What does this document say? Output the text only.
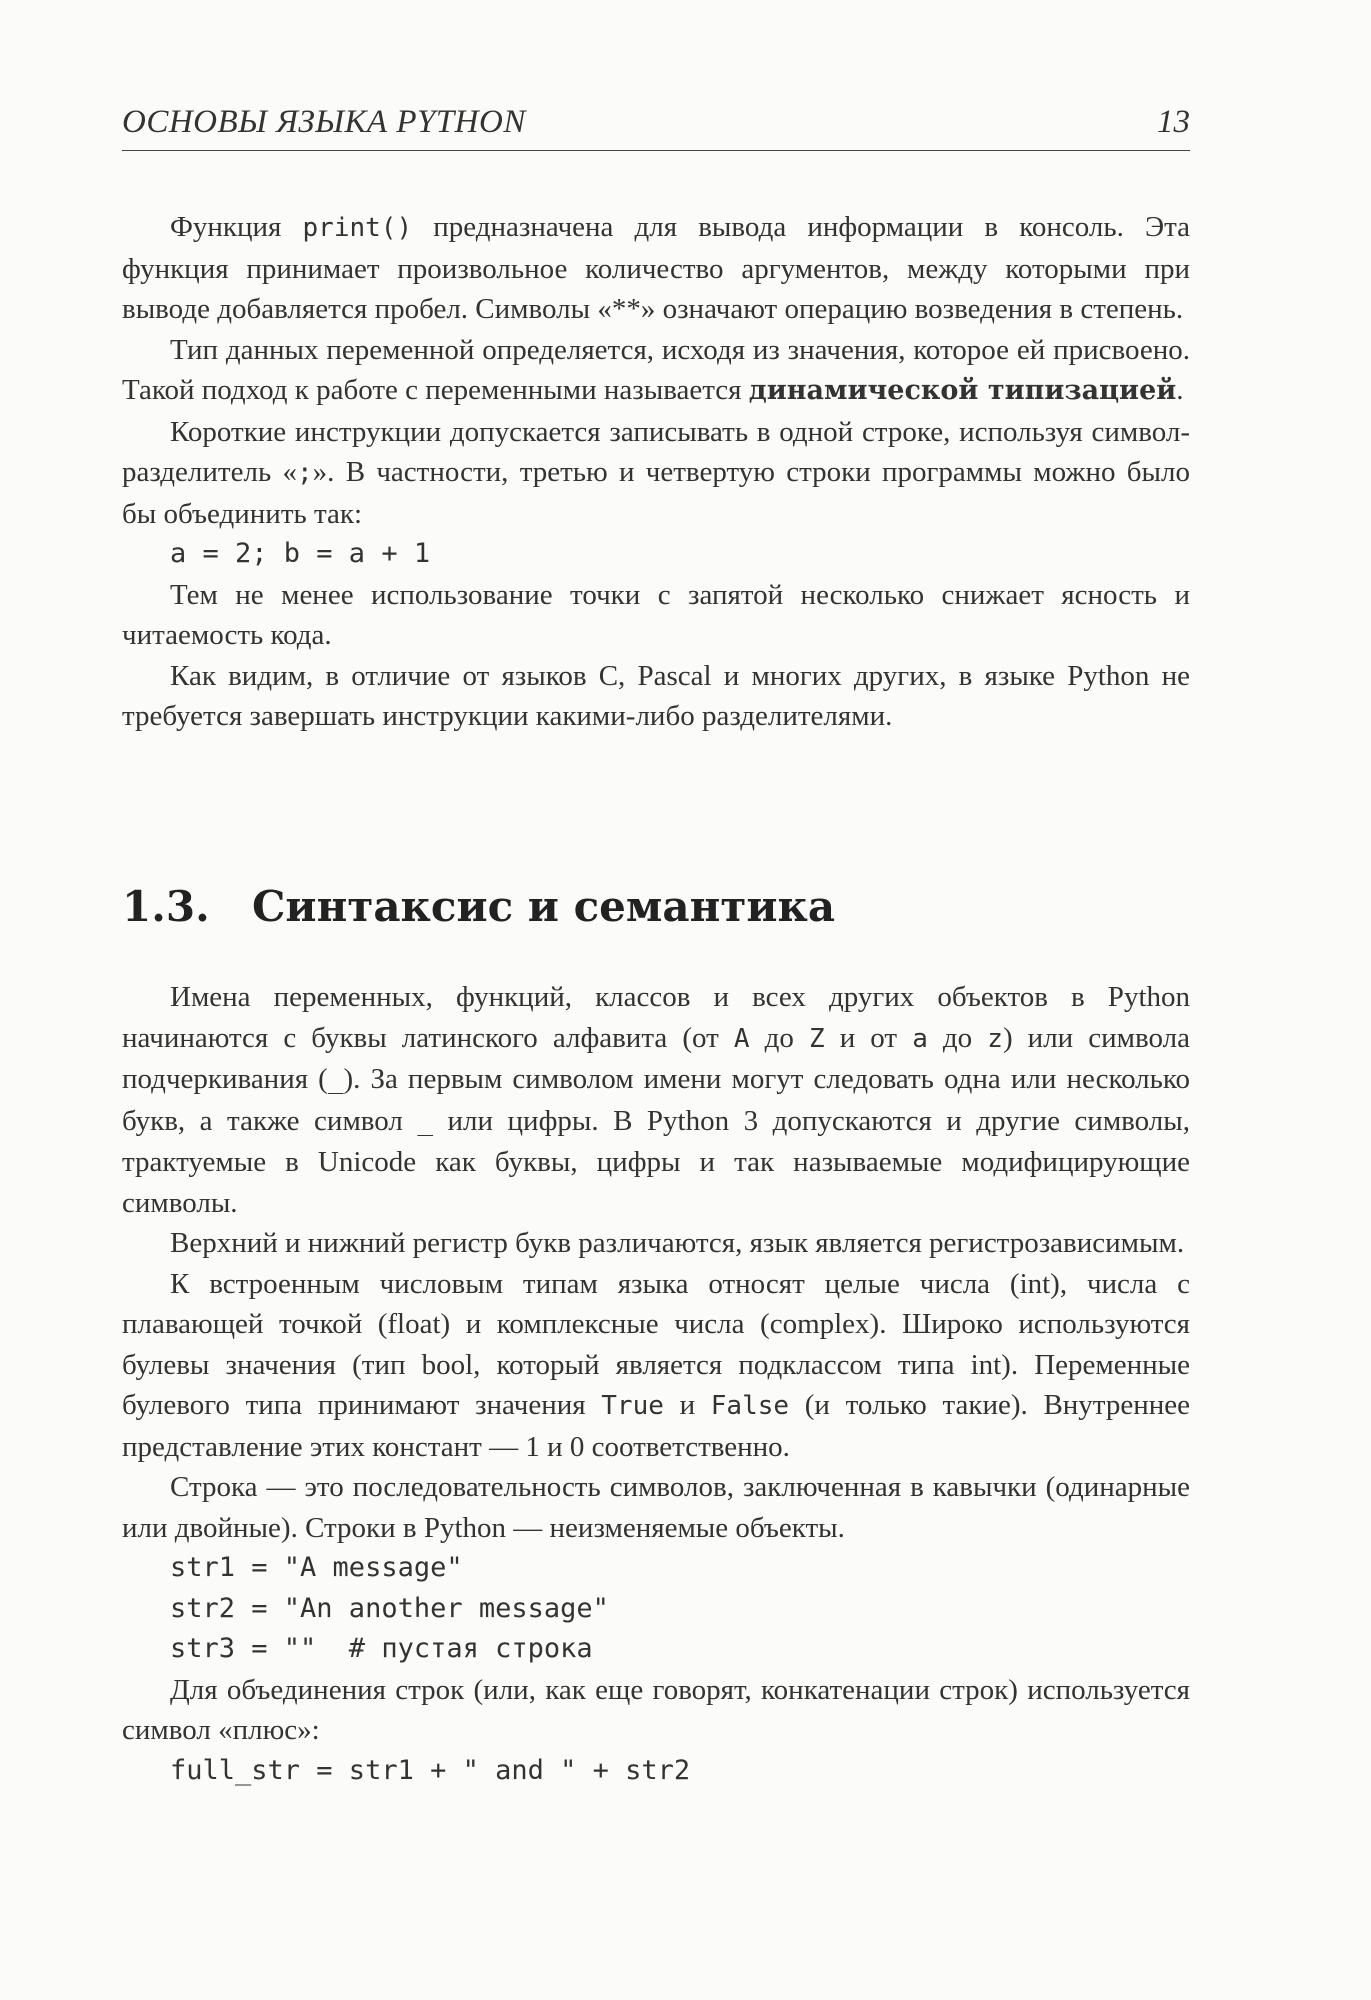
ОСНОВЫ ЯЗЫКА PYTHON	13

Функция print() предназначена для вывода информации в консоль. Эта функция принимает произвольное количество аргументов, между которыми при выводе добавляется пробел. Символы «**» означают операцию возведения в степень.

Тип данных переменной определяется, исходя из значения, которое ей присвоено. Такой подход к работе с переменными называется динамической типизацией.

Короткие инструкции допускается записывать в одной строке, используя символ-разделитель «;». В частности, третью и четвертую строки программы можно было бы объединить так:

a = 2; b = a + 1

Тем не менее использование точки с запятой несколько снижает ясность и читаемость кода.

Как видим, в отличие от языков C, Pascal и многих других, в языке Python не требуется завершать инструкции какими-либо разделителями.

1.3. Синтаксис и семантика

Имена переменных, функций, классов и всех других объектов в Python начинаются с буквы латинского алфавита (от A до Z и от a до z) или символа подчеркивания (_). За первым символом имени могут следовать одна или несколько букв, а также символ _ или цифры. В Python 3 допускаются и другие символы, трактуемые в Unicode как буквы, цифры и так называемые модифицирующие символы.

Верхний и нижний регистр букв различаются, язык является регистрозависимым.

К встроенным числовым типам языка относят целые числа (int), числа с плавающей точкой (float) и комплексные числа (complex). Широко используются булевы значения (тип bool, который является подклассом типа int). Переменные булевого типа принимают значения True и False (и только такие). Внутреннее представление этих констант — 1 и 0 соответственно.

Строка — это последовательность символов, заключенная в кавычки (одинарные или двойные). Строки в Python — неизменяемые объекты.

str1 = "A message"
str2 = "An another message"
str3 = ""  # пустая строка

Для объединения строк (или, как еще говорят, конкатенации строк) используется символ «плюс»:

full_str = str1 + " and " + str2
